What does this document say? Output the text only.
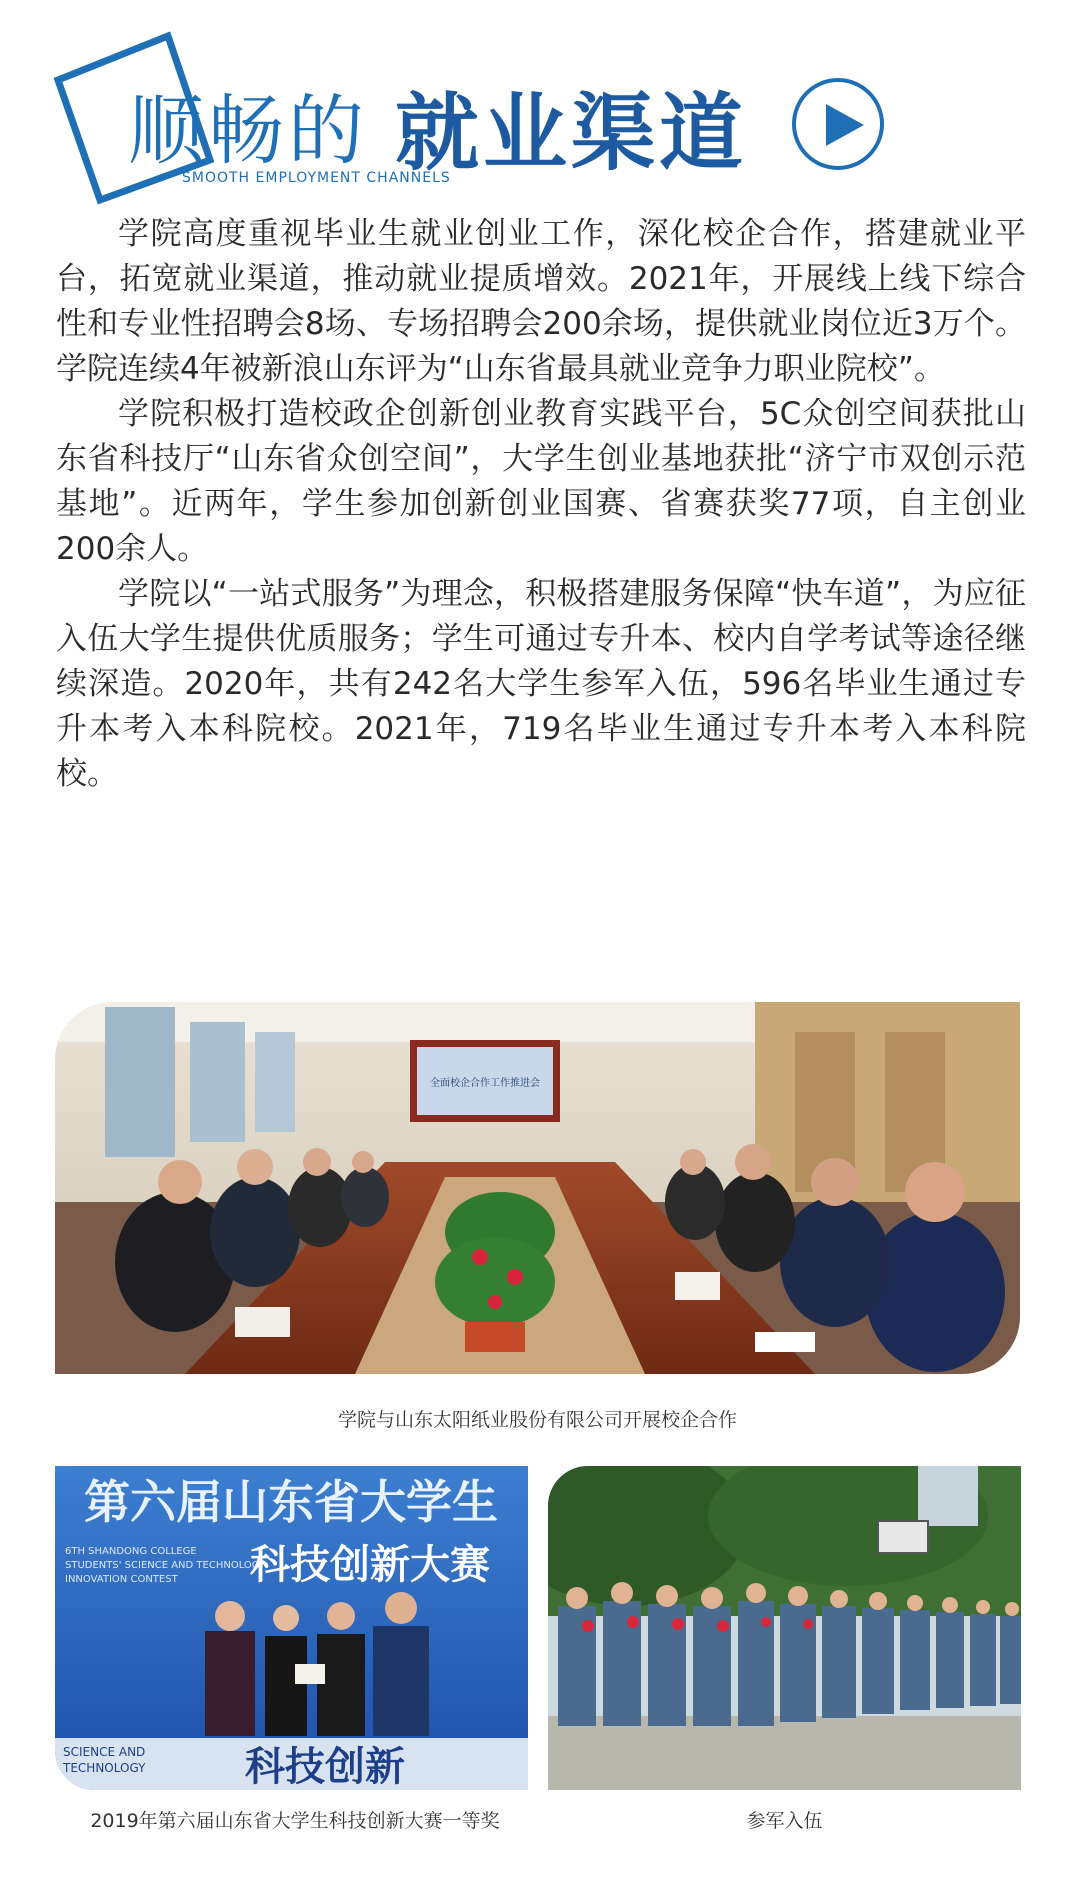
顺畅的 就业渠道
SMOOTH EMPLOYMENT CHANNELS

学院高度重视毕业生就业创业工作，深化校企合作，搭建就业平台，拓宽就业渠道，推动就业提质增效。2021年，开展线上线下综合性和专业性招聘会8场、专场招聘会200余场，提供就业岗位近3万个。学院连续4年被新浪山东评为“山东省最具就业竞争力职业院校”。

学院积极打造校政企创新创业教育实践平台，5C众创空间获批山东省科技厅“山东省众创空间”，大学生创业基地获批“济宁市双创示范基地”。近两年，学生参加创新创业国赛、省赛获奖77项，自主创业200余人。

学院以“一站式服务”为理念，积极搭建服务保障“快车道”，为应征入伍大学生提供优质服务；学生可通过专升本、校内自学考试等途径继续深造。2020年，共有242名大学生参军入伍，596名毕业生通过专升本考入本科院校。2021年，719名毕业生通过专升本考入本科院校。

全面校企合作工作推进会
学院与山东太阳纸业股份有限公司开展校企合作
第六届山东省大学生
6TH SHANDONG COLLEGE
STUDENTS' SCIENCE AND TECHNOLOGY
INNOVATION CONTEST 科技创新大赛
科技创新
SCIENCE AND
TECHNOLOGY
2019年第六届山东省大学生科技创新大赛一等奖	参军入伍
